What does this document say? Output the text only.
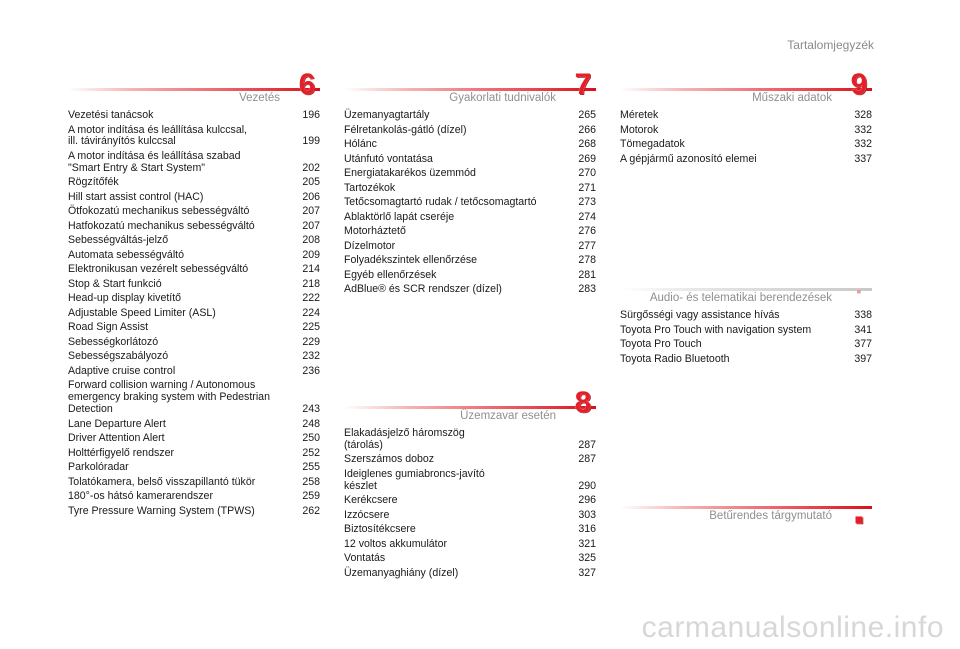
Tartalomjegyzék
Vezetés 6
Vezetési tanácsok	196
A motor indítása és leállítása kulccsal,
ill. távirányítós kulccsal	199
A motor indítása és leállítása szabad
"Smart Entry & Start System"	202
Rögzítőfék	205
Hill start assist control (HAC)	206
Ötfokozatú mechanikus sebességváltó	207
Hatfokozatú mechanikus sebességváltó	207
Sebességváltás-jelző	208
Automata sebességváltó	209
Elektronikusan vezérelt sebességváltó	214
Stop & Start funkció	218
Head-up display kivetítő	222
Adjustable Speed Limiter (ASL)	224
Road Sign Assist	225
Sebességkorlátozó	229
Sebességszabályozó	232
Adaptive cruise control	236
Forward collision warning / Autonomous
emergency braking system with Pedestrian
Detection	243
Lane Departure Alert	248
Driver Attention Alert	250
Holttérfigyelő rendszer	252
Parkolóradar	255
Tolatókamera, belső visszapillantó tükör	258
180°-os hátsó kamerarendszer	259
Tyre Pressure Warning System (TPWS)	262
Gyakorlati tudnivalók 7
Üzemanyagtartály	265
Félretankolás-gátló (dízel)	266
Hólánc	268
Utánfutó vontatása	269
Energiatakarékos üzemmód	270
Tartozékok	271
Tetőcsomagtartó rudak / tetőcsomagtartó	273
Ablaktörlő lapát cseréje	274
Motorháztető	276
Dízelmotor	277
Folyadékszintek ellenőrzése	278
Egyéb ellenőrzések	281
AdBlue® és SCR rendszer (dízel)	283
Üzemzavar esetén 8
Elakadásjelző háromszög
(tárolás)	287
Szerszámos doboz	287
Ideiglenes gumiabroncs-javító
készlet	290
Kerékcsere	296
Izzócsere	303
Biztosítékcsere	316
12 voltos akkumulátor	321
Vontatás	325
Üzemanyaghiány (dízel)	327
Műszaki adatok 9
Méretek	328
Motorok	332
Tömegadatok	332
A gépjármű azonosító elemei	337
Audio- és telematikai berendezések	▪
Sürgősségi vagy assistance hívás	338
Toyota Pro Touch with navigation system	341
Toyota Pro Touch	377
Toyota Radio Bluetooth	397
Betűrendes tárgymutató	■
carmanualsonline.info
